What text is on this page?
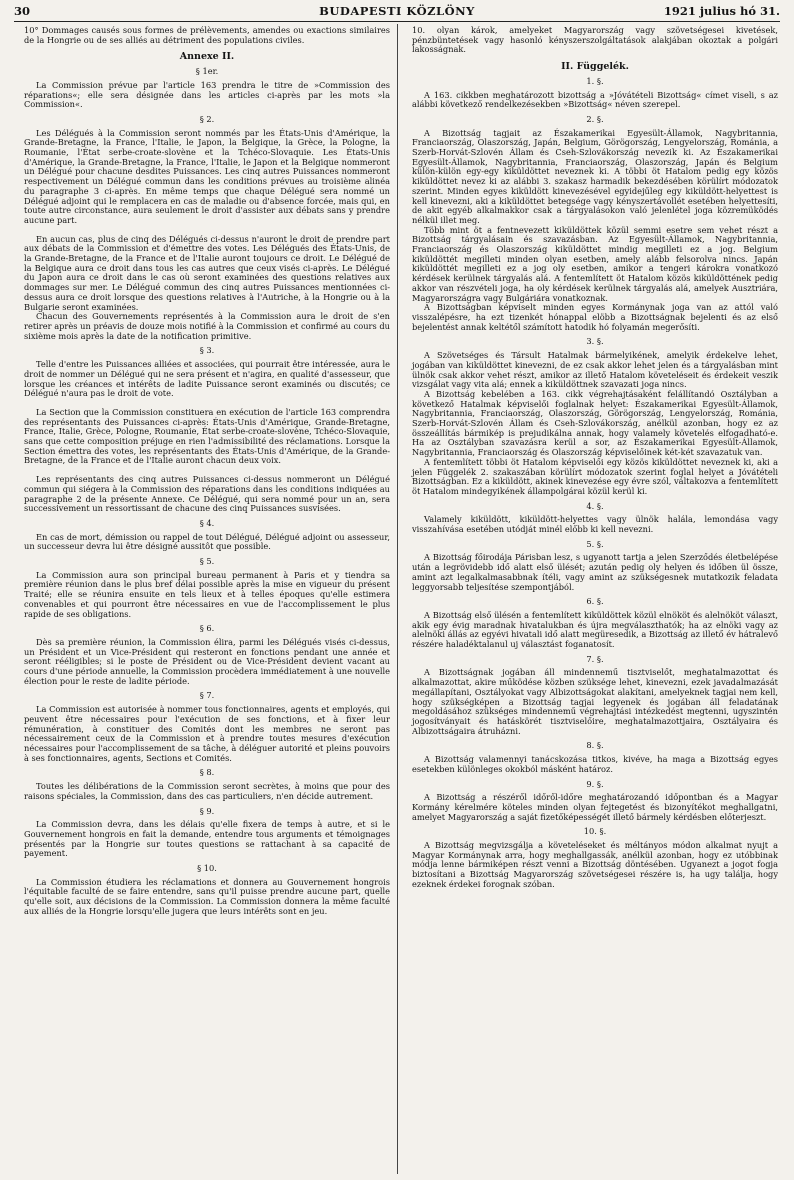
30	BUDAPESTI KÖZLÖNY	1921 julius hó 31.

10° Dommages causés sous formes de prélèvements, amendes ou exactions similaires de la Hongrie ou de ses alliés au détriment des populations civiles.

Annexe II.
§ 1er.

La Commission prévue par l'article 163 prendra le titre de »Commission des réparations«; elle sera désignée dans les articles ci-après par les mots »la Commission«.

§ 2.

Les Délégués à la Commission seront nommés par les États-Unis d'Amérique, la Grande-Bretagne, la France, l'Italie, le Japon, la Belgique, la Grèce, la Pologne, la Roumanie, l'État serbe-croate-slovène et la Tchéco-Slovaquie. Les États-Unis d'Amérique, la Grande-Bretagne, la France, l'Italie, le Japon et la Belgique nommeront un Délégué pour chacune desdites Puissances. Les cinq autres Puissances nommeront respectivement un Délégué commun dans les conditions prévues au troisième alinéa du paragraphe 3 ci-après. En même temps que chaque Délégué sera nommé un Délégué adjoint qui le remplacera en cas de maladie ou d'absence forcée, mais qui, en toute autre circonstance, aura seulement le droit d'assister aux débats sans y prendre aucune part.

En aucun cas, plus de cinq des Délégués ci-dessus n'auront le droit de prendre part aux débats de la Commission et d'émettre des votes. Les Délégués des États-Unis, de la Grande-Bretagne, de la France et de l'Italie auront toujours ce droit. Le Délégué de la Belgique aura ce droit dans tous les cas autres que ceux visés ci-après. Le Délégué du Japon aura ce droit dans le cas où seront examinées des questions relatives aux dommages sur mer. Le Délégué commun des cinq autres Puissances mentionnées ci-dessus aura ce droit lorsque des questions relatives à l'Autriche, à la Hongrie ou à la Bulgarie seront examinées.

Chacun des Gouvernements représentés à la Commission aura le droit de s'en retirer après un préavis de douze mois notifié à la Commission et confirmé au cours du sixième mois après la date de la notification primitive.

§ 3.

Telle d'entre les Puissances alliées et associées, qui pourrait être intéressée, aura le droit de nommer un Délégué qui ne sera présent et n'agira, en qualité d'assesseur, que lorsque les créances et intérêts de ladite Puissance seront examinés ou discutés; ce Délégué n'aura pas le droit de vote.

La Section que la Commission constituera en exécution de l'article 163 comprendra des représentants des Puissances ci-après: États-Unis d'Amérique, Grande-Bretagne, France, Italie, Grèce, Pologne, Roumanie, État serbe-croate-slovène, Tchéco-Slovaquie, sans que cette composition préjuge en rien l'admissibilité des réclamations. Lorsque la Section émettra des votes, les représentants des États-Unis d'Amérique, de la Grande-Bretagne, de la France et de l'Italie auront chacun deux voix.

Les représentants des cinq autres Puissances ci-dessus nommeront un Délégué commun qui siégera à la Commission des réparations dans les conditions indiquées au paragraphe 2 de la présente Annexe. Ce Délégué, qui sera nommé pour un an, sera successivement un ressortissant de chacune des cinq Puissances susvisées.

§ 4.

En cas de mort, démission ou rappel de tout Délégué, Délégué adjoint ou assesseur, un successeur devra lui être désigné aussitôt que possible.

§ 5.

La Commission aura son principal bureau permanent à Paris et y tiendra sa première réunion dans le plus bref délai possible après la mise en vigueur du présent Traité; elle se réunira ensuite en tels lieux et à telles époques qu'elle estimera convenables et qui pourront être nécessaires en vue de l'accomplissement le plus rapide de ses obligations.

§ 6.

Dès sa première réunion, la Commission élira, parmi les Délégués visés ci-dessus, un Président et un Vice-Président qui resteront en fonctions pendant une année et seront rééligibles; si le poste de Président ou de Vice-Président devient vacant au cours d'une période annuelle, la Commission procèdera immédiatement à une nouvelle élection pour le reste de ladite période.

§ 7.

La Commission est autorisée à nommer tous fonctionnaires, agents et employés, qui peuvent être nécessaires pour l'exécution de ses fonctions, et à fixer leur rémunération, à constituer des Comités dont les membres ne seront pas nécessairement ceux de la Commission et à prendre toutes mesures d'exécution nécessaires pour l'accomplissement de sa tâche, à déléguer autorité et pleins pouvoirs à ses fonctionnaires, agents, Sections et Comités.

§ 8.

Toutes les délibérations de la Commission seront secrètes, à moins que pour des raisons spéciales, la Commission, dans des cas particuliers, n'en décide autrement.

§ 9.

La Commission devra, dans les délais qu'elle fixera de temps à autre, et si le Gouvernement hongrois en fait la demande, entendre tous arguments et témoignages présentés par la Hongrie sur toutes questions se rattachant à sa capacité de payement.

§ 10.

La Commission étudiera les réclamations et donnera au Gouvernement hongrois l'équitable faculté de se faire entendre, sans qu'il puisse prendre aucune part, quelle qu'elle soit, aux décisions de la Commission. La Commission donnera la même faculté aux alliés de la Hongrie lorsqu'elle jugera que leurs intérêts sont en jeu.

10. olyan károk, amelyeket Magyarország vagy szövetségesei kivetések, pénzbüntetések vagy hasonló kényszerszolgáltatások alakjában okoztak a polgári lakosságnak.

II. Függelék.
1. §.

A 163. cikkben meghatározott bizottság a »Jóvátételi Bizottság« címet viseli, s az alábbi következő rendelkezésekben »Bizottság« néven szerepel.

2. §.

A Bizottság tagjait az Északamerikai Egyesült-Államok, Nagybritannia, Franciaország, Olaszország, Japán, Belgium, Görögország, Lengyelország, Románia, a Szerb-Horvát-Szlovén Állam és Cseh-Szlovákország nevezik ki. Az Északamerikai Egyesült-Államok, Nagybritannia, Franciaország, Olaszország, Japán és Belgium külön-külön egy-egy kiküldöttet neveznek ki. A többi öt Hatalom pedig egy közös kiküldöttet nevez ki az alábbi 3. szakasz harmadik bekezdésében körülírt módozatok szerint. Minden egyes kiküldött kinevezésével egyidejűleg egy kiküldött-helyettest is kell kinevezni, aki a kiküldöttet betegsége vagy kényszertávollét esetében helyettesíti, de akit egyéb alkalmakkor csak a tárgyalásokon való jelenlétel joga közremüködés nélkül illet meg.

Több mint öt a fentnevezett kiküldöttek közül semmi esetre sem vehet részt a Bizottság tárgyalásain és szavazásban. Az Egyesült-Államok, Nagybritannia, Franciaország és Olaszország kiküldöttet mindig megilleti ez a jog. Belgium kiküldöttét megilleti minden olyan esetben, amely alább felsorolva nincs. Japán kiküldöttét megilleti ez a jog oly esetben, amikor a tengeri károkra vonatkozó kérdések kerülnek tárgyalás alá. A fentemlített öt Hatalom közös kiküldöttének pedig akkor van részvételi joga, ha oly kérdések kerülnek tárgyalás alá, amelyek Ausztriára, Magyarországra vagy Bulgáriára vonatkoznak.

A Bizottságban képviselt minden egyes Kormánynak joga van az attól való visszalépésre, ha ezt tizenkét hónappal elöbb a Bizottságnak bejelenti és az első bejelentést annak keltétől számított hatodik hó folyamán megerősíti.

3. §.

A Szövetséges és Társult Hatalmak bármelyikének, amelyik érdekelve lehet, jogában van kiküldöttet kinevezni, de ez csak akkor lehet jelen és a tárgyalásban mint ülnök csak akkor vehet részt, amikor az illető Hatalom követeléseit és érdekeit veszik vizsgálat vagy vita alá; ennek a kiküldöttnek szavazati joga nincs.

A Bizottság kebelében a 163. cikk végrehajtásaként felállítandó Osztályban a következő Hatalmak képviselői foglalnak helyet: Északamerikai Egyesült-Államok, Nagybritannia, Franciaország, Olaszország, Görögország, Lengyelország, Románia, Szerb-Horvát-Szlovén Állam és Cseh-Szlovákország, anélkül azonban, hogy ez az összeállítás bármikép is prejudikálna annak, hogy valamely követelés elfogadható-e. Ha az Osztályban szavazásra kerül a sor, az Északamerikai Egyesült-Államok, Nagybritannia, Franciaország és Olaszország képviselőinek két-két szavazatuk van.

A fentemlített többi öt Hatalom képviselői egy közös kiküldöttet neveznek ki, aki a jelen Függelék 2. szakaszában körülírt módozatok szerint foglal helyet a Jóvátételi Bizottságban. Ez a kiküldött, akinek kinevezése egy évre szól, váltakozva a fentemlített öt Hatalom mindegyikének állampolgárai közül kerül ki.

4. §.

Valamely kiküldött, kiküldött-helyettes vagy ülnök halála, lemondása vagy visszahívása esetében utódját minél előbb ki kell nevezni.

5. §.

A Bizottság főirodája Párisban lesz, s ugyanott tartja a jelen Szerződés életbelépése után a legrövidebb idő alatt első ülését; azután pedig oly helyen és időben ül össze, amint azt legalkalmasabbnak ítéli, vagy amint az szükségesnek mutatkozik feladata leggyorsabb teljesítése szempontjából.

6. §.

A Bizottság első ülésén a fentemlített kiküldöttek közül elnököt és alelnököt választ, akik egy évig maradnak hivatalukban és újra megválaszthatók; ha az elnöki vagy az alelnöki állás az egyévi hivatali idő alatt megüresedik, a Bizottság az illető év hátralevő részére haladéktalanul uj választást foganatosít.

7. §.

A Bizottságnak jogában áll mindennemű tisztviselőt, meghatalmazottat és alkalmazottat, akire működése közben szüksége lehet, kinevezni, ezek javadalmazását megállapítani, Osztályokat vagy Albizottságokat alakítani, amelyeknek tagjai nem kell, hogy szükségképen a Bizottság tagjai legyenek és jogában áll feladatának megoldásához szükséges mindennemű végrehajtási intézkedést megtenni, ugyszintén jogosítványait és hatáskörét tisztviselőire, meghatalmazottjaira, Osztályaira és Albizottságaira átruházni.

8. §.

A Bizottság valamennyi tanácskozása titkos, kivéve, ha maga a Bizottság egyes esetekben különleges okokból másként határoz.

9. §.

A Bizottság a részéről időről-időre meghatározandó időpontban és a Magyar Kormány kérelmére köteles minden olyan fejtegetést és bizonyítékot meghallgatni, amelyet Magyarország a saját fizetőképességét illető bármely kérdésben előterjeszt.

10. §.

A Bizottság megvizsgálja a követeléseket és méltányos módon alkalmat nyujt a Magyar Kormánynak arra, hogy meghallgassák, anélkül azonban, hogy ez utóbbinak módja lenne bármiképen részt venni a Bizottság döntésében. Ugyanezt a jogot fogja biztosítani a Bizottság Magyarország szövetségesei részére is, ha ugy találja, hogy ezeknek érdekei forognak szóban.
